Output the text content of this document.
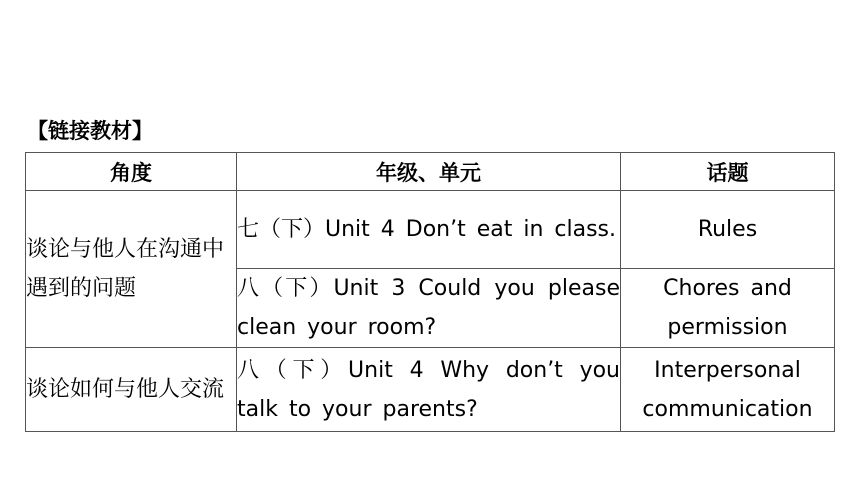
【链接教材】
角度	年级、单元	话题
谈论与他人在沟通中遇到的问题	七（下）Unit 4 Don’t eat in class.	Rules
	八（下）Unit 3 Could you please clean your room?	Chores and permission
谈论如何与他人交流	八（下）Unit 4 Why don’t you talk to your parents?	Interpersonal communication
